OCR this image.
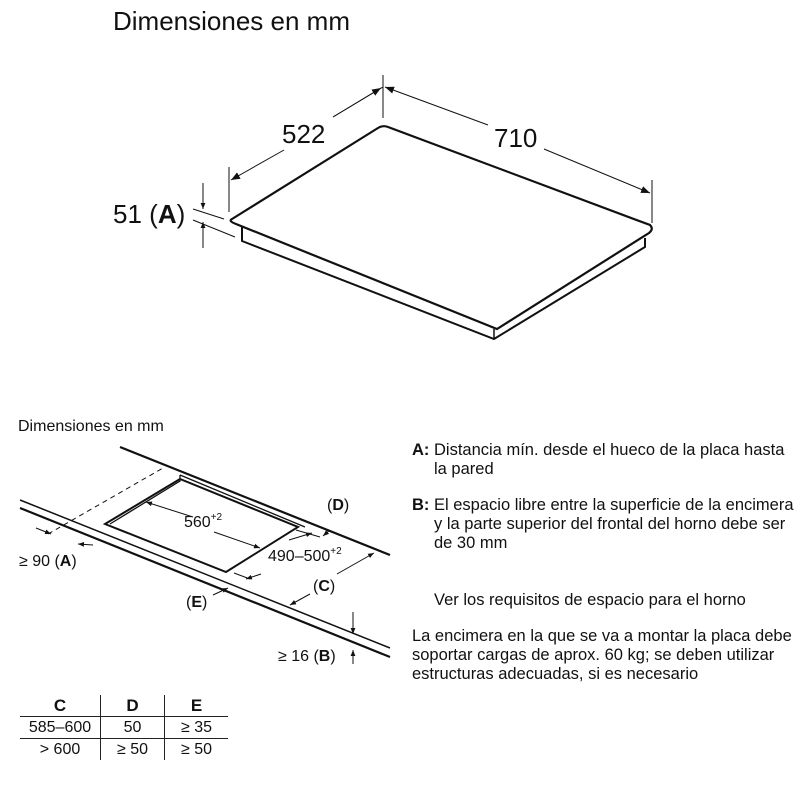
Dimensiones en mm
522	710
51 (A)
Dimensiones en mm
$560^{+2}$
$490-500^{+2}$
(D)
(C)
(E)
≥ 90 (A)
≥ 16 (B)
A: Distancia mín. desde el hueco de la placa hasta la pared
B: El espacio libre entre la superficie de la encimera y la parte superior del frontal del horno debe ser de 30 mm
Ver los requisitos de espacio para el horno
La encimera en la que se va a montar la placa debe soportar cargas de aprox. 60 kg; se deben utilizar estructuras adecuadas, si es necesario
C	D	E
585–600	50	≥ 35
> 600	≥ 50	≥ 50
